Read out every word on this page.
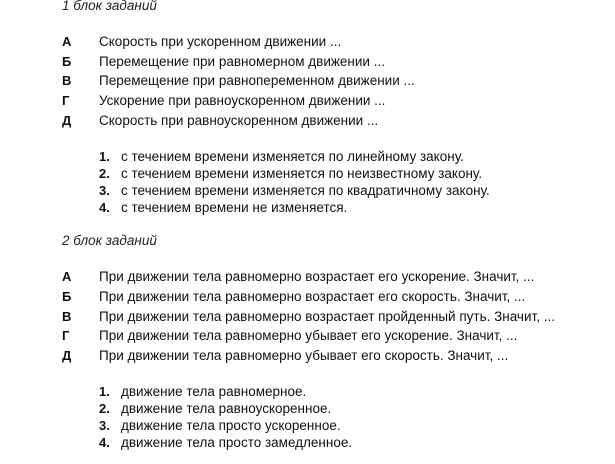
1 блок заданий
А Скорость при ускоренном движении ...
Б Перемещение при равномерном движении ...
В Перемещение при равнопеременном движении ...
Г Ускорение при равноускоренном движении ...
Д Скорость при равноускоренном движении ...
1. с течением времени изменяется по линейному закону.
2. с течением времени изменяется по неизвестному закону.
3. с течением времени изменяется по квадратичному закону.
4. с течением времени не изменяется.
2 блок заданий
А При движении тела равномерно возрастает его ускорение. Значит, ...
Б При движении тела равномерно возрастает его скорость. Значит, ...
В При движении тела равномерно возрастает пройденный путь. Значит, ...
Г При движении тела равномерно убывает его ускорение. Значит, ...
Д При движении тела равномерно убывает его скорость. Значит, ...
1. движение тела равномерное.
2. движение тела равноускоренное.
3. движение тела просто ускоренное.
4. движение тела просто замедленное.
